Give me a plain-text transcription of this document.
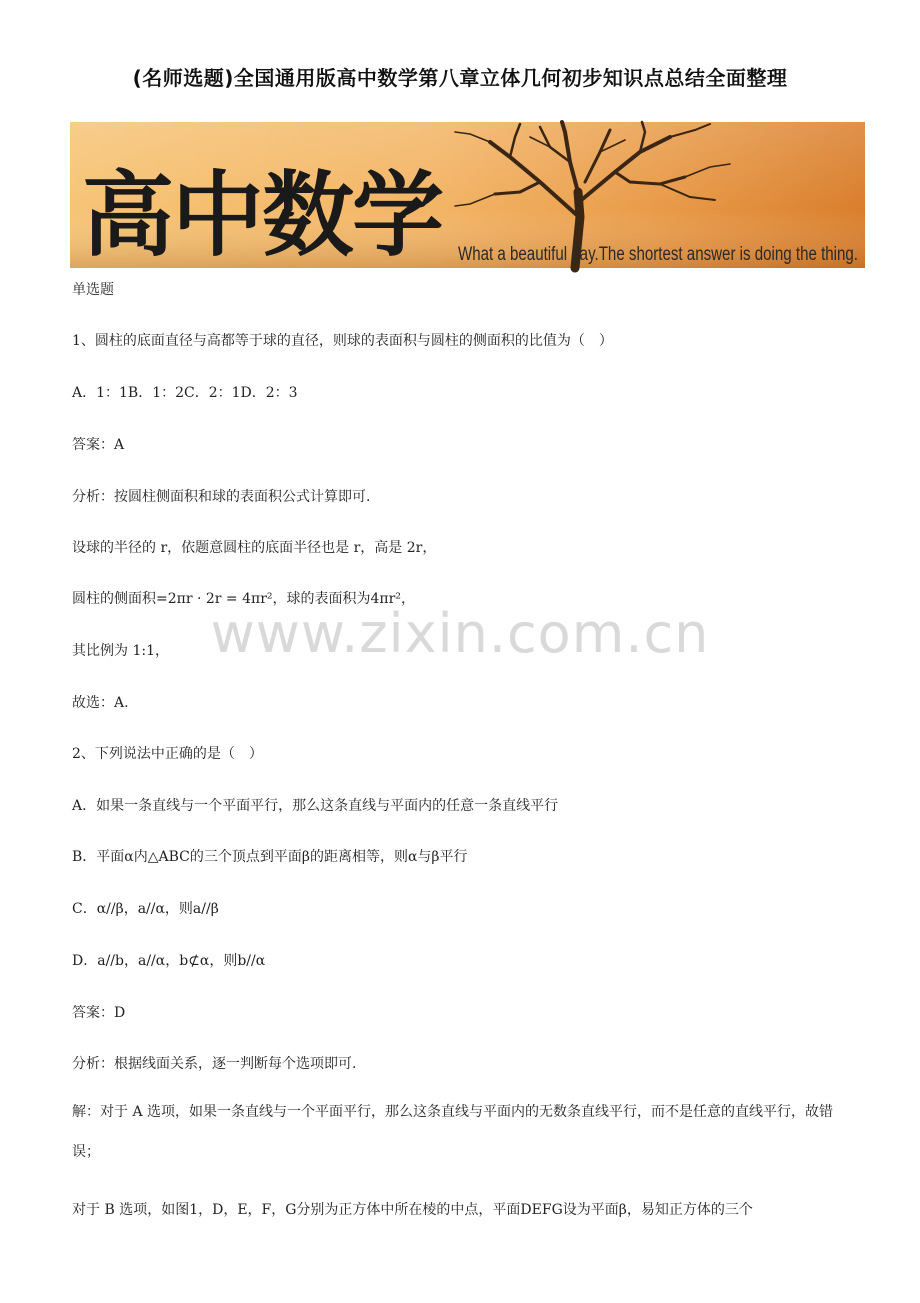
(名师选题)全国通用版高中数学第八章立体几何初步知识点总结全面整理
高中数学 What a beautiful day.The shortest answer is doing the thing.
www.zixin.com.cn
单选题
1、圆柱的底面直径与高都等于球的直径，则球的表面积与圆柱的侧面积的比值为（　）
A．1：1B．1：2C．2：1D．2：3
答案：A
分析：按圆柱侧面积和球的表面积公式计算即可.
设球的半径的 r，依题意圆柱的底面半径也是 r，高是 2r，
圆柱的侧面积=2πr · 2r = 4πr²，球的表面积为4πr²，
其比例为 1:1，
故选：A.
2、下列说法中正确的是（　）
A．如果一条直线与一个平面平行，那么这条直线与平面内的任意一条直线平行
B．平面α内△ABC的三个顶点到平面β的距离相等，则α与β平行
C．α//β，a//α，则a//β
D．a//b，a//α，b⊄α，则b//α
答案：D
分析：根据线面关系，逐一判断每个选项即可.
解：对于 A 选项，如果一条直线与一个平面平行，那么这条直线与平面内的无数条直线平行，而不是任意的直线平行，故错误；
对于 B 选项，如图1，D，E，F，G分别为正方体中所在棱的中点，平面DEFG设为平面β，易知正方体的三个
